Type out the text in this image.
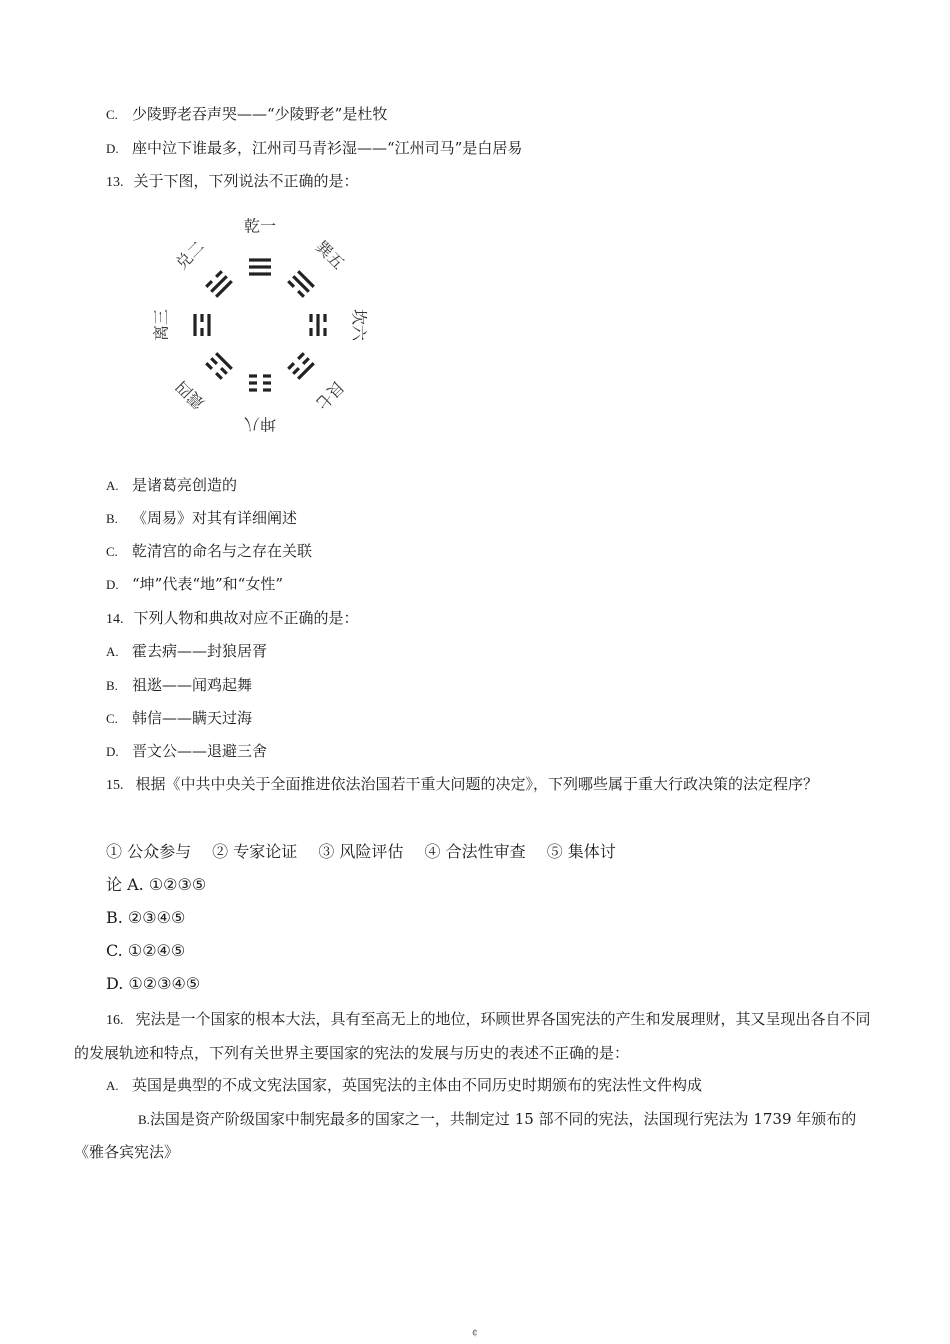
C. 少陵野老吞声哭——“少陵野老”是杜牧
D. 座中泣下谁最多，江州司马青衫湿——“江州司马”是白居易
13. 关于下图，下列说法不正确的是：
乾一
巽五
坎六
艮七
坤八
震四
离三
兑二
A. 是诸葛亮创造的
B. 《周易》对其有详细阐述
C. 乾清宫的命名与之存在关联
D. “坤”代表“地”和“女性”
14. 下列人物和典故对应不正确的是：
A. 霍去病——封狼居胥
B. 祖逖——闻鸡起舞
C. 韩信——瞒天过海
D. 晋文公——退避三舍
15. 根据《中共中央关于全面推进依法治国若干重大问题的决定》，下列哪些属于重大行政决策的法定程序？
① 公众参与　 ② 专家论证　 ③ 风险评估　 ④ 合法性审查　 ⑤ 集体讨
论 A. ①②③⑤
B. ②③④⑤
C. ①②④⑤
D. ①②③④⑤
16. 宪法是一个国家的根本大法，具有至高无上的地位，环顾世界各国宪法的产生和发展理财，其又呈现出各自不同的发展轨迹和特点，下列有关世界主要国家的宪法的发展与历史的表述不正确的是：
A. 英国是典型的不成文宪法国家，英国宪法的主体由不同历史时期颁布的宪法性文件构成
B.法国是资产阶级国家中制宪最多的国家之一，共制定过 15 部不同的宪法，法国现行宪法为 1739 年颁布的《雅各宾宪法》
¢
